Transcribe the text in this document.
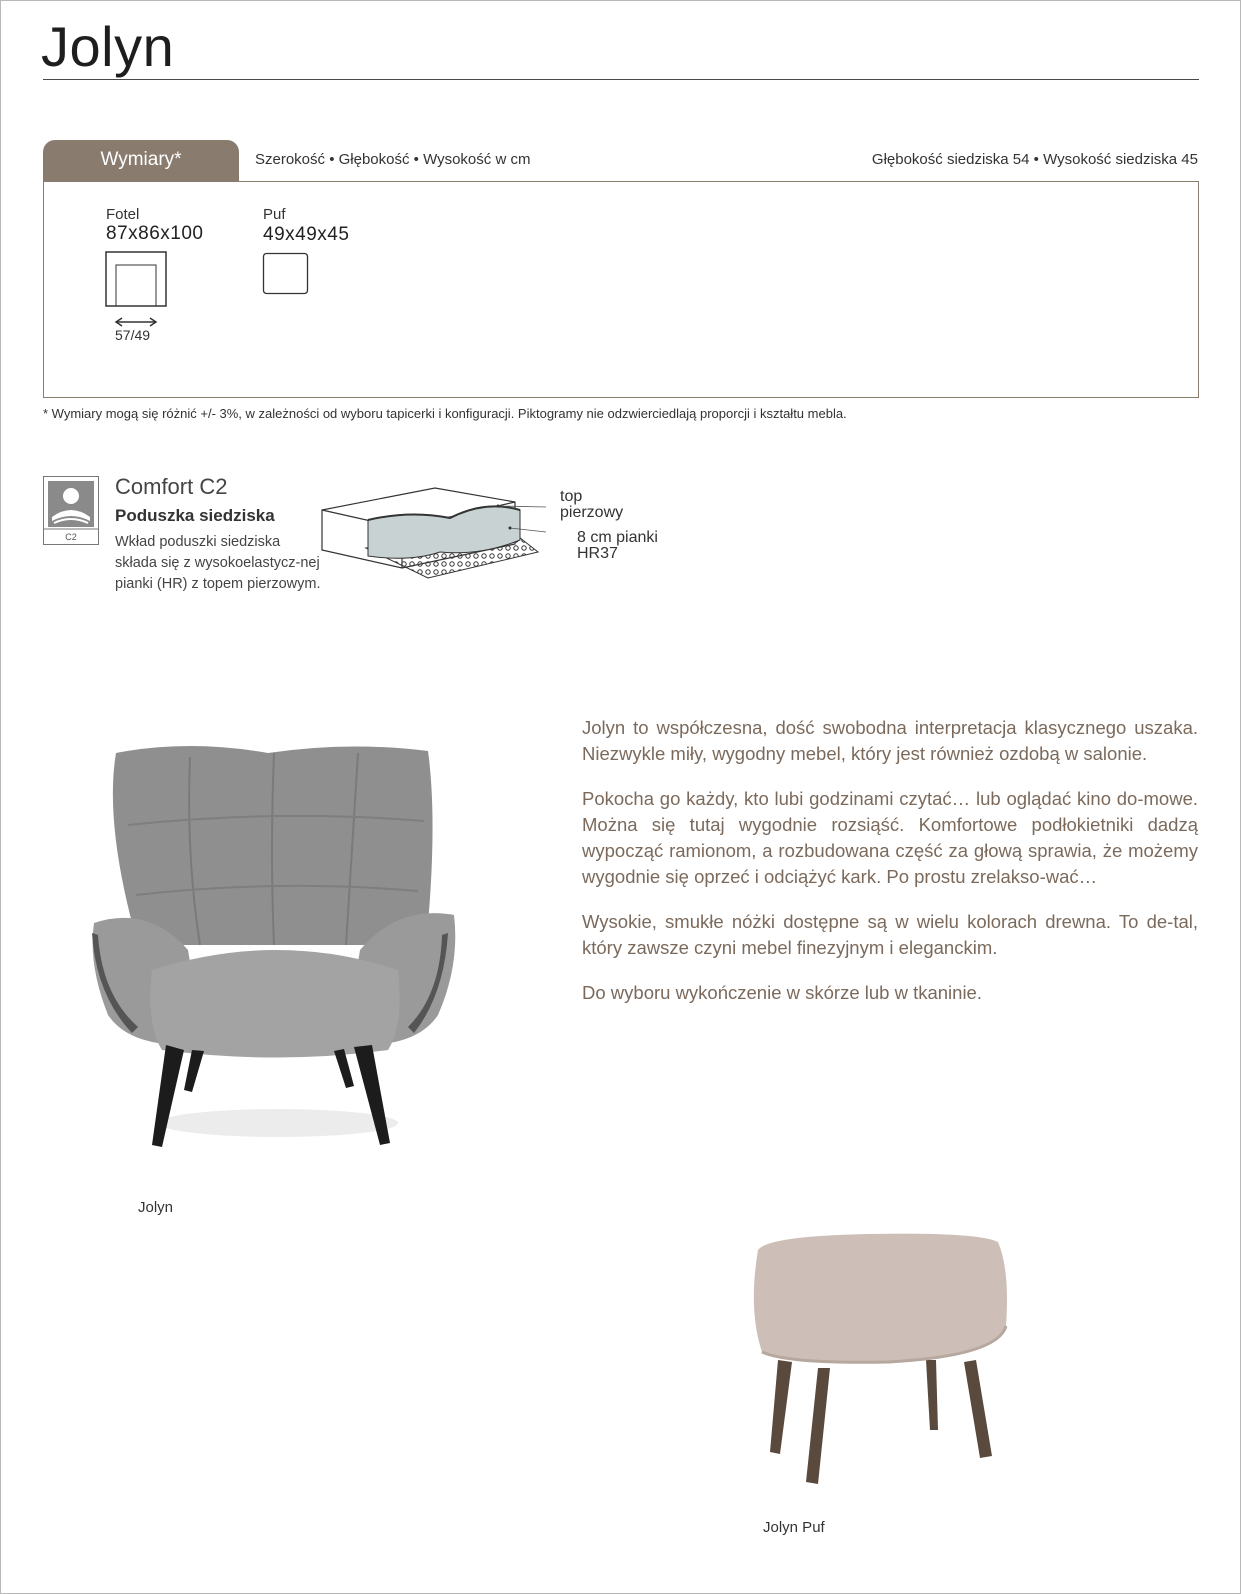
Jolyn
Wymiary*	Szerokość • Głębokość • Wysokość w cm	Głębokość siedziska 54 • Wysokość siedziska 45
Fotel
87x86x100
57/49
Puf
49x49x45
* Wymiary mogą się różnić +/- 3%, w zależności od wyboru tapicerki i konfiguracji. Piktogramy nie odzwierciedlają proporcji i kształtu mebla.
C2
Comfort C2
Poduszka siedziska
Wkład poduszki siedziska składa się z wysokoelastycz-nej pianki (HR) z topem pierzowym.
top
pierzowy
8 cm pianki
HR37

Jolyn to współczesna, dość swobodna interpretacja klasycznego uszaka. Niezwykle miły, wygodny mebel, który jest również ozdobą w salonie.

Pokocha go każdy, kto lubi godzinami czytać… lub oglądać kino do-mowe. Można się tutaj wygodnie rozsiąść. Komfortowe podłokietniki dadzą wypocząć ramionom, a rozbudowana część za głową sprawia, że możemy wygodnie się oprzeć i odciążyć kark. Po prostu zrelakso-wać…

Wysokie, smukłe nóżki dostępne są w wielu kolorach drewna. To de-tal, który zawsze czyni mebel finezyjnym i eleganckim.

Do wyboru wykończenie w skórze lub w tkaninie.

Jolyn
Jolyn Puf
